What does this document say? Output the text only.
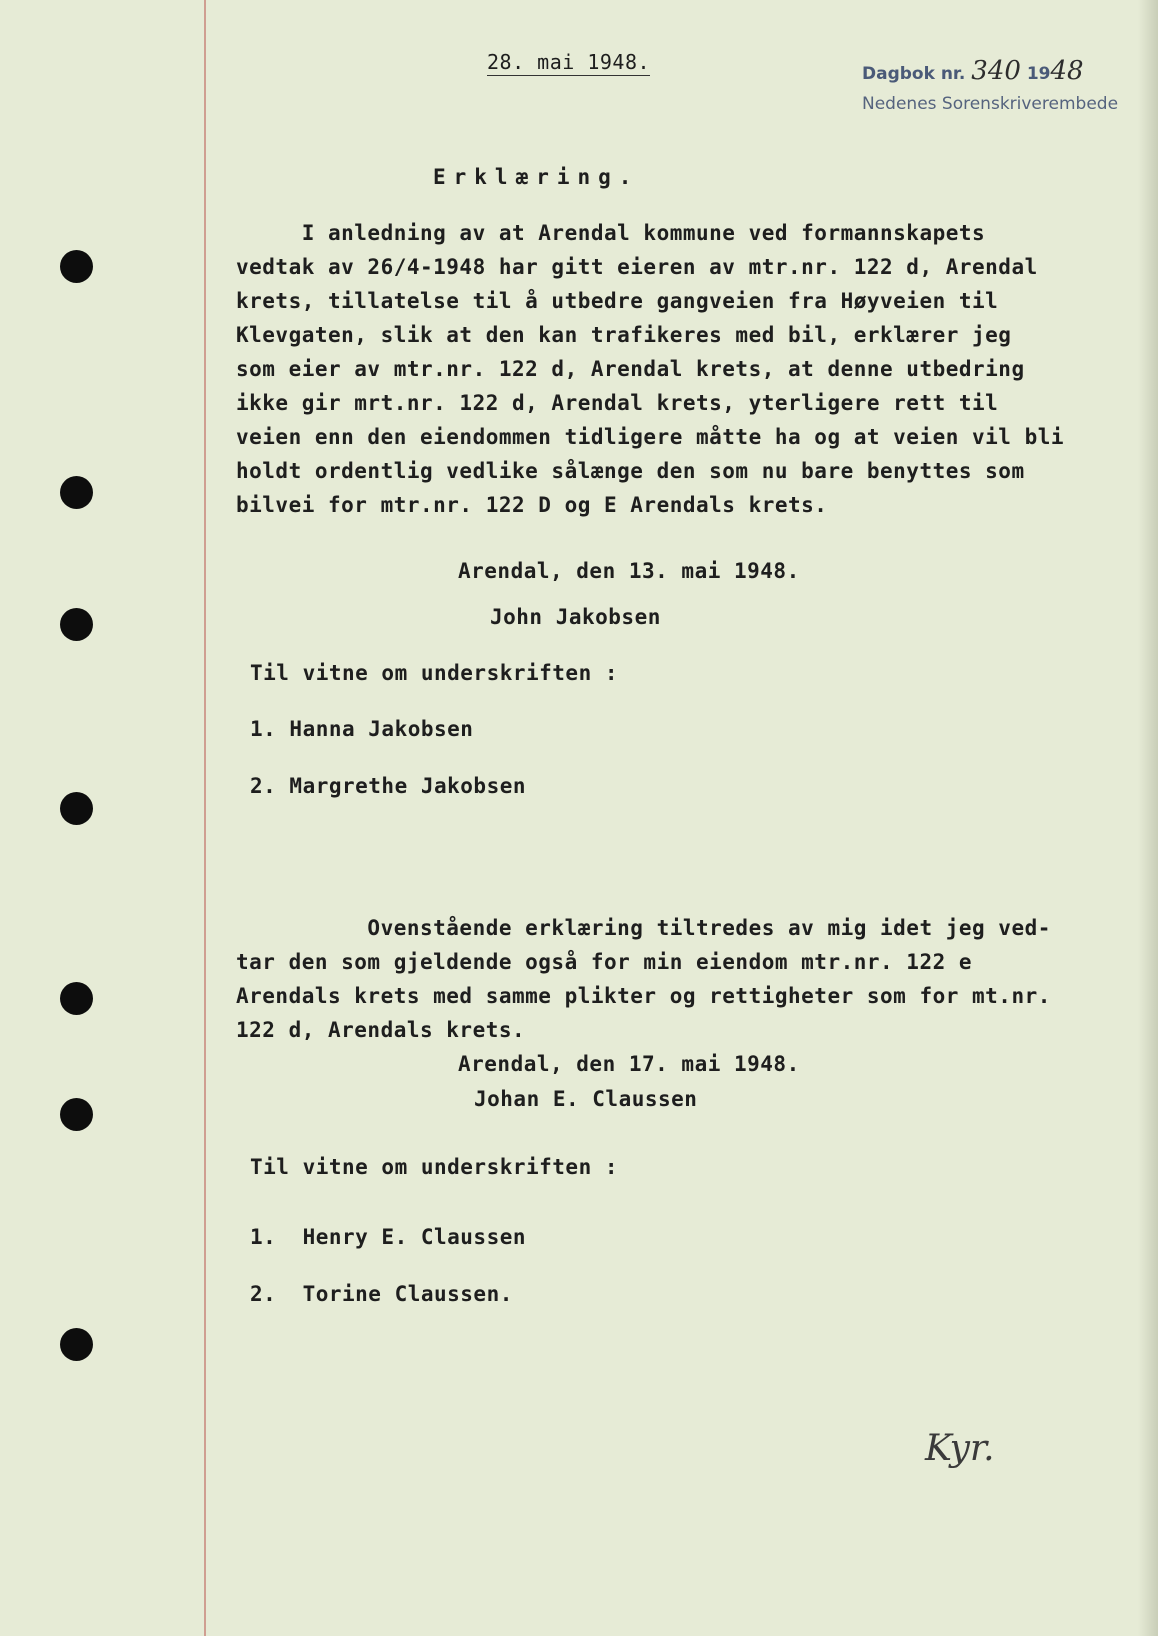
28. mai 1948.	Dagbok nr. 340 1948
Nedenes Sorenskriverembede
Erklæring.
I anledning av at Arendal kommune ved formannskapets
vedtak av 26/4-1948 har gitt eieren av mtr.nr. 122 d, Arendal
krets, tillatelse til å utbedre gangveien fra Høyveien til
Klevgaten, slik at den kan trafikeres med bil, erklærer jeg
som eier av mtr.nr. 122 d, Arendal krets, at denne utbedring
ikke gir mrt.nr. 122 d, Arendal krets, yterligere rett til
veien enn den eiendommen tidligere måtte ha og at veien vil bli
holdt ordentlig vedlike sålænge den som nu bare benyttes som
bilvei for mtr.nr. 122 D og E Arendals krets.
Arendal, den 13. mai 1948.
John Jakobsen
Til vitne om underskriften :
1. Hanna Jakobsen
2. Margrethe Jakobsen
Ovenstående erklæring tiltredes av mig idet jeg ved-
tar den som gjeldende også for min eiendom mtr.nr. 122 e
Arendals krets med samme plikter og rettigheter som for mt.nr.
122 d, Arendals krets.
Arendal, den 17. mai 1948.
Johan E. Claussen
Til vitne om underskriften :
1.  Henry E. Claussen
2.  Torine Claussen.
Kyr.
